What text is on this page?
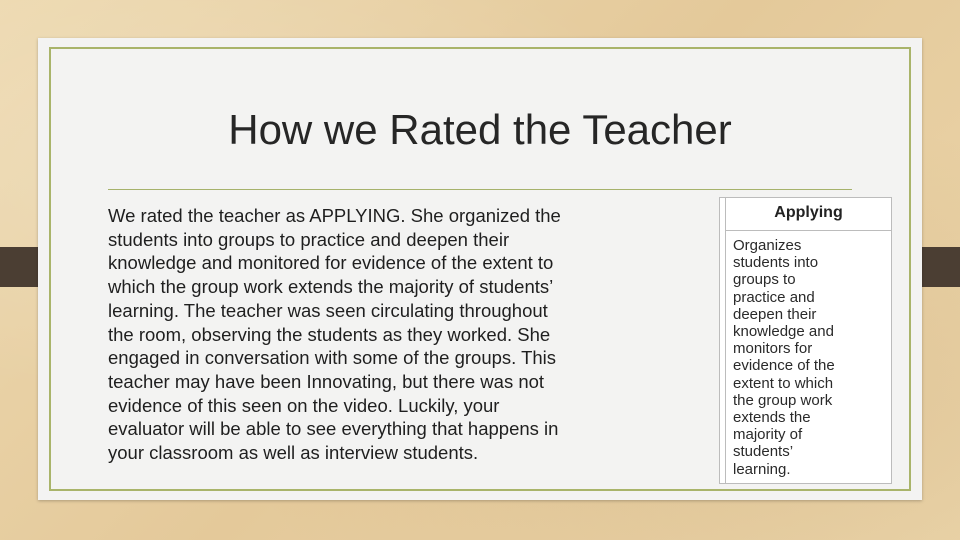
How we Rated the Teacher

We rated the teacher as APPLYING. She organized the
students into groups to practice and deepen their
knowledge and monitored for evidence of the extent to
which the group work extends the majority of students’
learning. The teacher was seen circulating throughout
the room, observing the students as they worked. She
engaged in conversation with some of the groups. This
teacher may have been Innovating, but there was not
evidence of this seen on the video. Luckily, your
evaluator will be able to see everything that happens in
your classroom as well as interview students.

Applying

Organizes
students into
groups to
practice and
deepen their
knowledge and
monitors for
evidence of the
extent to which
the group work
extends the
majority of
students’
learning.
